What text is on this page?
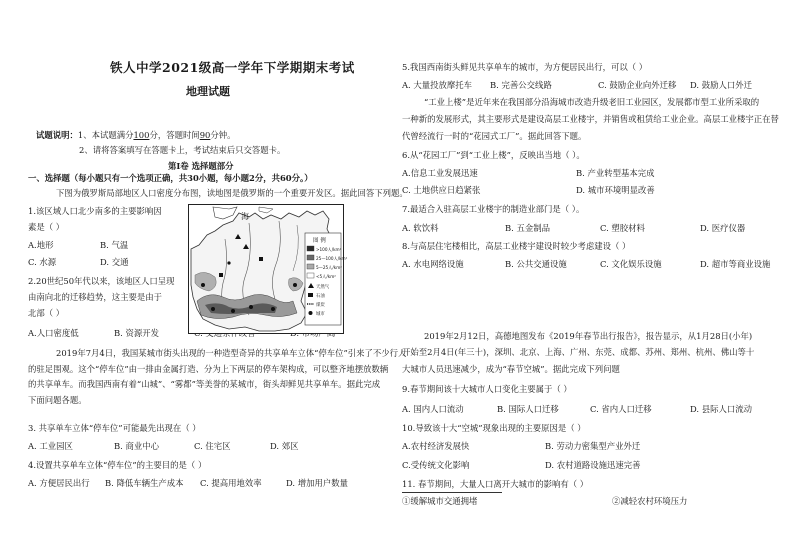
铁人中学2021级高一学年下学期期末考试
地理试题
试题说明：1、本试题满分100分，答题时间90分钟。
2、请将答案填写在答题卡上，考试结束后只交答题卡。
第Ⅰ卷 选择题部分
一、选择题（每小题只有一个选项正确，共30小题，每小题2分，共60分。）
下图为俄罗斯局部地区人口密度分布图，读地图是俄罗斯的一个重要开发区。据此回答下列题。
1.该区域人口北少南多的主要影响因
素是（ ）
A.地形	B. 气温
C. 水源	D. 交通
2.20世纪50年代以来，该地区人口呈现
由南向北的迁移趋势，这主要是由于
北部（ ）
A.人口密度低	B. 资源开发
海
图 例
>100人/km²
25—100人/km²
5—25人/km²
<5人/km²
天然气
石油
煤炭
城市
2019年7月4日，我国某城市街头出现的一种造型奇异的共享单车立体“停车位”引来了不少行人
的驻足围观。这个“停车位”由一排由金属打造、分为上下两层的停车架构成，可以整齐地摆放数辆
的共享单车。而我国西南有着“山城”、“雾都”等美誉的某城市，街头却鲜见共享单车。据此完成
下面问题各题。
3. 共享单车立体“停车位”可能最先出现在（ ）
A. 工业园区	B. 商业中心	C. 住宅区	D. 郊区
4.设置共享单车立体“停车位”的主要目的是（ ）
A. 方便居民出行 B. 降低车辆生产成本 C. 提高用地效率	D. 增加用户数量
5.我国西南街头鲜见共享单车的城市，为方便居民出行，可以（ ）
A. 大量投放摩托车 B. 完善公交线路	C. 鼓励企业向外迁移 D. 鼓励人口外迁
“工业上楼”是近年来在我国部分沿海城市改造升级老旧工业园区，发展都市型工业所采取的
一种新的发展形式，其主要形式是建设高层工业楼宇，并销售或租赁给工业企业。高层工业楼宇正在替
代曾经流行一时的“花园式工厂”。据此回答下题。
6.从“花园工厂”到“工业上楼”，反映出当地（ ）。
A.信息工业发展迅速	B. 产业转型基本完成
C. 土地供应日趋紧张	D. 城市环境明显改善
7.最适合入驻高层工业楼宇的制造业部门是（ ）。
A. 软饮料	B. 五金制品	C. 塑胶材料	D. 医疗仪器
8.与高层住宅楼相比，高层工业楼宇建设时较少考虑建设（ ）
A. 水电网络设施	B. 公共交通设施	C. 文化娱乐设施	D. 超市等商业设施
2019年2月12日，高德地图发布《2019年春节出行报告》，报告显示，从1月28日(小年)
开始至2月4日(年三十)，深圳、北京、上海、广州、东莞、成都、苏州、郑州、杭州、佛山等十
大城市人员迅速减少，成为“春节空城”。据此完成下列问题
9.春节期间该十大城市人口变化主要属于（ ）
A. 国内人口流动	B. 国际人口迁移	C. 省内人口迁移	D. 县际人口流动
10.导致该十大“空城”现象出现的主要原因是（ ）
A.农村经济发展快	B. 劳动力密集型产业外迁
C.受传统文化影响	D. 农村道路设施迅速完善
11. 春节期间，大量人口离开大城市的影响有（ ）
①缓解城市交通拥堵	②减轻农村环境压力
